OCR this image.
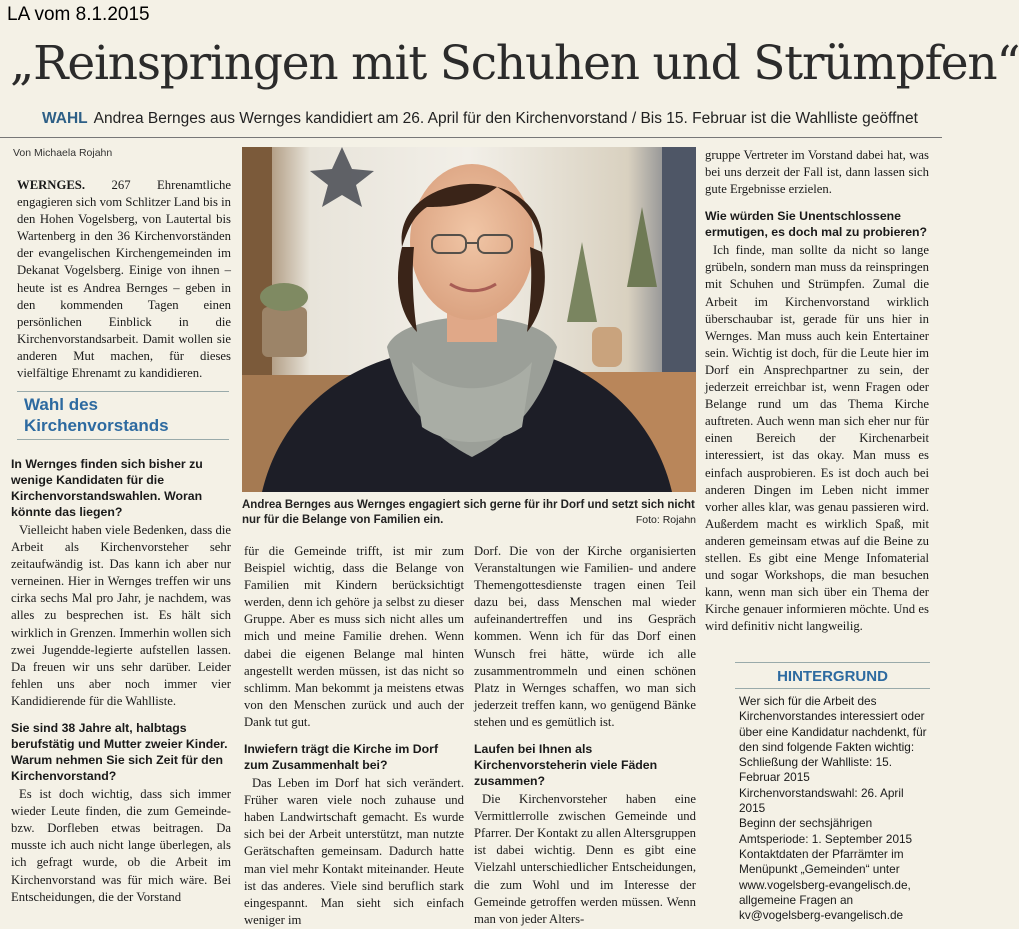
LA vom 8.1.2015
„Reinspringen mit Schuhen und Strümpfen“
WAHL Andrea Bernges aus Wernges kandidiert am 26. April für den Kirchenvorstand / Bis 15. Februar ist die Wahlliste geöffnet
Von Michaela Rojahn

WERNGES. 267 Ehrenamtliche engagieren sich vom Schlitzer Land bis in den Hohen Vogelsberg, von Lautertal bis Wartenberg in den 36 Kirchenvorständen der evangelischen Kirchengemeinden im Dekanat Vogelsberg. Einige von ihnen – heute ist es Andrea Bernges – geben in den kommenden Tagen einen persönlichen Einblick in die Kirchenvorstandsarbeit. Damit wollen sie anderen Mut machen, für dieses vielfältige Ehrenamt zu kandidieren.

Wahl des
Kirchenvorstands
In Wernges finden sich bisher zu wenige Kandidaten für die Kirchenvorstandswahlen. Woran könnte das liegen?

Vielleicht haben viele Bedenken, dass die Arbeit als Kirchenvorsteher sehr zeitaufwändig ist. Das kann ich aber nur verneinen. Hier in Wernges treffen wir uns cirka sechs Mal pro Jahr, je nachdem, was alles zu besprechen ist. Es hält sich wirklich in Grenzen. Immerhin wollen sich zwei Jugendde-legierte aufstellen lassen. Da freuen wir uns sehr darüber. Leider fehlen uns aber noch immer vier Kandidierende für die Wahlliste.

Sie sind 38 Jahre alt, halbtags berufstätig und Mutter zweier Kinder. Warum nehmen Sie sich Zeit für den Kirchenvorstand?

Es ist doch wichtig, dass sich immer wieder Leute finden, die zum Gemeinde- bzw. Dorfleben etwas beitragen. Da musste ich auch nicht lange überlegen, als ich gefragt wurde, ob die Arbeit im Kirchenvorstand was für mich wäre. Bei Entscheidungen, die der Vorstand

Andrea Bernges aus Wernges engagiert sich gerne für ihr Dorf und setzt sich nicht nur für die Belange von Familien ein.	Foto: Rojahn

für die Gemeinde trifft, ist mir zum Beispiel wichtig, dass die Belange von Familien mit Kindern berücksichtigt werden, denn ich gehöre ja selbst zu dieser Gruppe. Aber es muss sich nicht alles um mich und meine Familie drehen. Wenn dabei die eigenen Belange mal hinten angestellt werden müssen, ist das nicht so schlimm. Man bekommt ja meistens etwas von den Menschen zurück und auch der Dank tut gut.

Inwiefern trägt die Kirche im Dorf zum Zusammenhalt bei?

Das Leben im Dorf hat sich verändert. Früher waren viele noch zuhause und haben Landwirtschaft gemacht. Es wurde sich bei der Arbeit unterstützt, man nutzte Gerätschaften gemeinsam. Dadurch hatte man viel mehr Kontakt miteinander. Heute ist das anderes. Viele sind beruflich stark eingespannt. Man sieht sich einfach weniger im

Dorf. Die von der Kirche organisierten Veranstaltungen wie Familien- und andere Themengottesdienste tragen einen Teil dazu bei, dass Menschen mal wieder aufeinandertreffen und ins Gespräch kommen. Wenn ich für das Dorf einen Wunsch frei hätte, würde ich alle zusammentrommeln und einen schönen Platz in Wernges schaffen, wo man sich jederzeit treffen kann, wo genügend Bänke stehen und es gemütlich ist.

Laufen bei Ihnen als Kirchenvorsteherin viele Fäden zusammen?

Die Kirchenvorsteher haben eine Vermittlerrolle zwischen Gemeinde und Pfarrer. Der Kontakt zu allen Altersgruppen ist dabei wichtig. Denn es gibt eine Vielzahl unterschiedlicher Entscheidungen, die zum Wohl und im Interesse der Gemeinde getroffen werden müssen. Wenn man von jeder Alters-

gruppe Vertreter im Vorstand dabei hat, was bei uns derzeit der Fall ist, dann lassen sich gute Ergebnisse erzielen.

Wie würden Sie Unentschlossene ermutigen, es doch mal zu probieren?

Ich finde, man sollte da nicht so lange grübeln, sondern man muss da reinspringen mit Schuhen und Strümpfen. Zumal die Arbeit im Kirchenvorstand wirklich überschaubar ist, gerade für uns hier in Wernges. Man muss auch kein Entertainer sein. Wichtig ist doch, für die Leute hier im Dorf ein Ansprechpartner zu sein, der jederzeit erreichbar ist, wenn Fragen oder Belange rund um das Thema Kirche auftreten. Auch wenn man sich eher nur für einen Bereich der Kirchenarbeit interessiert, ist das okay. Man muss es einfach ausprobieren. Es ist doch auch bei anderen Dingen im Leben nicht immer vorher alles klar, was genau passieren wird. Außerdem macht es wirklich Spaß, mit anderen gemeinsam etwas auf die Beine zu stellen. Es gibt eine Menge Infomaterial und sogar Workshops, die man besuchen kann, wenn man sich über ein Thema der Kirche genauer informieren möchte. Und es wird definitiv nicht langweilig.

HINTERGRUND
Wer sich für die Arbeit des Kirchenvorstandes interessiert oder über eine Kandidatur nachdenkt, für den sind folgende Fakten wichtig:
Schließung der Wahlliste: 15. Februar 2015
Kirchenvorstandswahl: 26. April 2015
Beginn der sechsjährigen Amtsperiode: 1. September 2015
Kontaktdaten der Pfarrämter im Menüpunkt „Gemeinden“ unter www.vogelsberg-evangelisch.de,
allgemeine Fragen an kv@vogelsberg-evangelisch.de
